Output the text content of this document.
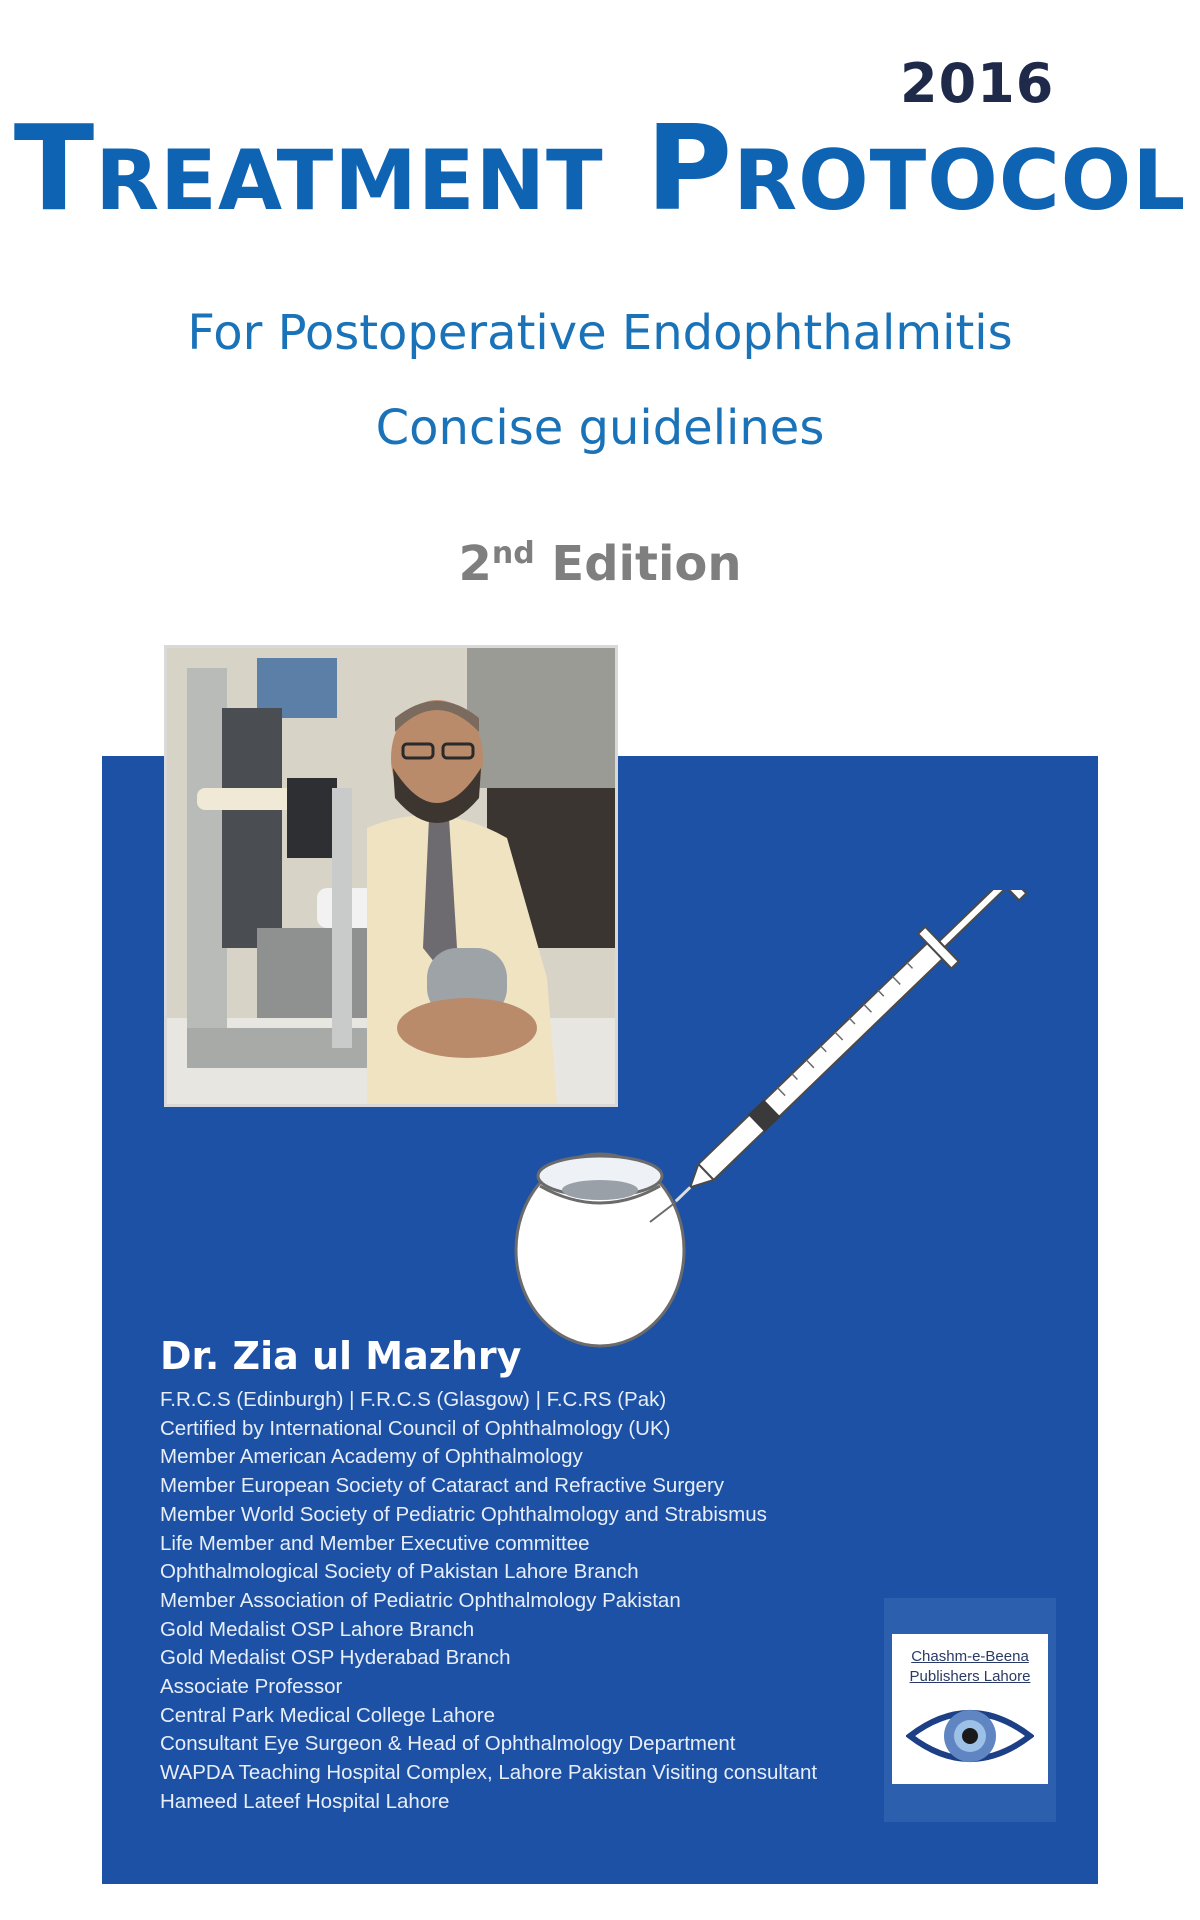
2016
Treatment Protocol
For Postoperative Endophthalmitis
Concise guidelines
2nd Edition
Dr. Zia ul Mazhry
F.R.C.S (Edinburgh) | F.R.C.S (Glasgow) | F.C.RS (Pak)
Certified by International Council of Ophthalmology (UK)
Member American Academy of Ophthalmology
Member European Society of Cataract and Refractive Surgery
Member World Society of Pediatric Ophthalmology and Strabismus
Life Member and Member Executive committee
Ophthalmological Society of Pakistan Lahore Branch
Member Association of Pediatric Ophthalmology Pakistan
Gold Medalist OSP Lahore Branch
Gold Medalist OSP Hyderabad Branch
Associate Professor
Central Park Medical College Lahore
Consultant Eye Surgeon & Head of Ophthalmology Department
WAPDA Teaching Hospital Complex, Lahore Pakistan Visiting consultant
Hameed Lateef Hospital Lahore
Chashm-e-Beena
Publishers Lahore
